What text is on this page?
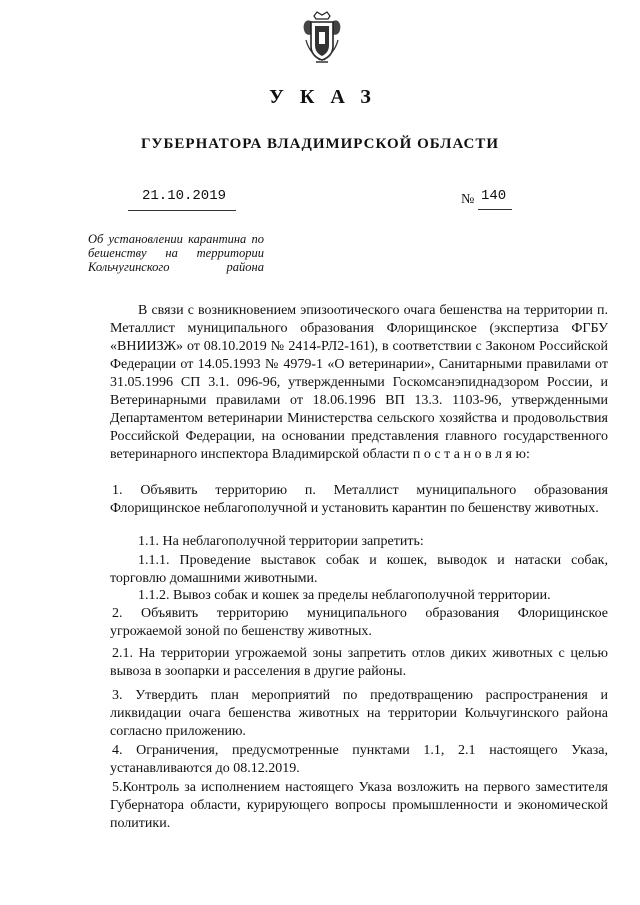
УКАЗ
ГУБЕРНАТОРА ВЛАДИМИРСКОЙ ОБЛАСТИ
21.10.2019	№ 140
Об установлении карантина по
бешенству на территории
Кольчугинского района

В связи с возникновением эпизоотического очага бешенства на территории п. Металлист муниципального образования Флорищинское (экспертиза ФГБУ «ВНИИЗЖ» от 08.10.2019 № 2414-РЛ2-161), в соответствии с Законом Российской Федерации от 14.05.1993 № 4979-1 «О ветеринарии», Санитарными правилами от 31.05.1996 СП 3.1. 096-96, утвержденными Госкомсанэпиднадзором России, и Ветеринарными правилами от 18.06.1996 ВП 13.3. 1103-96, утвержденными Департаментом ветеринарии Министерства сельского хозяйства и продовольствия Российской Федерации, на основании представления главного государственного ветеринарного инспектора Владимирской области п о с т а н о в л я ю:

1. Объявить территорию п. Металлист муниципального образования Флорищинское неблагополучной и установить карантин по бешенству животных.

1.1. На неблагополучной территории запретить:

1.1.1. Проведение выставок собак и кошек, выводок и натаски собак, торговлю домашними животными.

1.1.2. Вывоз собак и кошек за пределы неблагополучной территории.

2. Объявить территорию муниципального образования Флорищинское угрожаемой зоной по бешенству животных.

2.1. На территории угрожаемой зоны запретить отлов диких животных с целью вывоза в зоопарки и расселения в другие районы.

3. Утвердить план мероприятий по предотвращению распространения и ликвидации очага бешенства животных на территории Кольчугинского района согласно приложению.

4. Ограничения, предусмотренные пунктами 1.1, 2.1 настоящего Указа, устанавливаются до 08.12.2019.

5.Контроль за исполнением настоящего Указа возложить на первого заместителя Губернатора области, курирующего вопросы промышленности и экономической политики.
